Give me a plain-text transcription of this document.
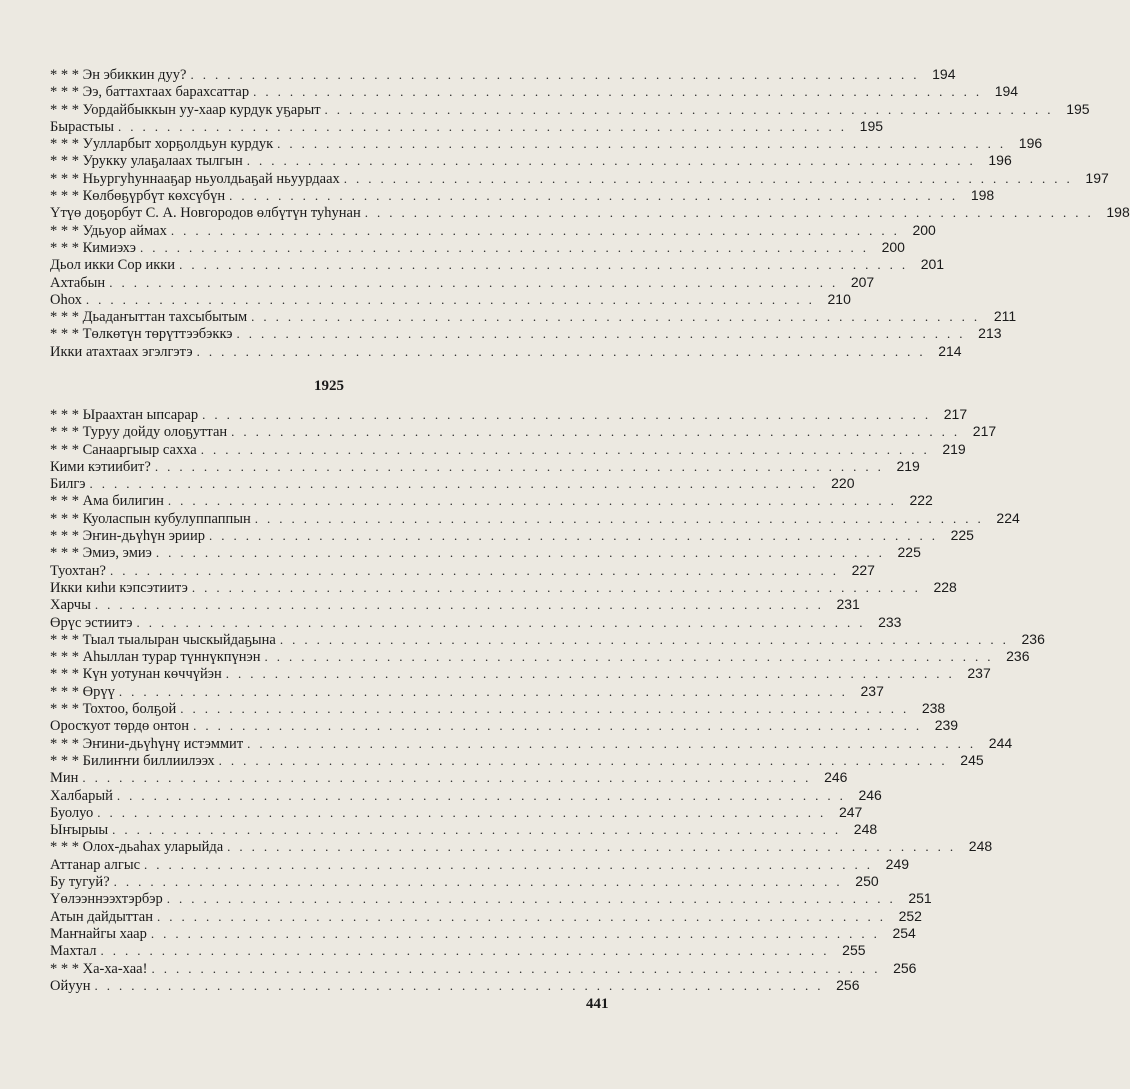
* * * Эн эбиккин дуу? ............................................................ 194
* * * Ээ, баттахтаах барахсаттар ............................................................ 194
* * * Уордайбыккын уу-хаар курдук уҕарыт ............................................................ 195
Бырастыы ............................................................ 195
* * * Уулларбыт хорҕолдьун курдук ............................................................ 196
* * * Урукку улаҕалаах тылгын ............................................................ 196
* * * Ньургуһуннааҕар ньуолдьаҕай ньуурдаах ............................................................ 197
* * * Көлбөҕүрбүт көхсүбүн ............................................................ 198
Үтүө доҕорбут С. А. Новгородов өлбүтүн туһунан ............................................................ 198
* * * Удьуор аймах ............................................................ 200
* * * Кимиэхэ ............................................................ 200
Дьол икки Сор икки ............................................................ 201
Ахтабын ............................................................ 207
Оһох ............................................................ 210
* * * Дьадаҥыттан тахсыбытым ............................................................ 211
* * * Төлкөтүн төрүттээбэккэ ............................................................ 213
Икки атахтаах эгэлгэтэ ............................................................ 214
1925
* * * Ыраахтан ыпсарар ............................................................ 217
* * * Туруу дойду олоҕуттан ............................................................ 217
* * * Санааргыыр сахха ............................................................ 219
Кими кэтиибит? ............................................................ 219
Билгэ ............................................................ 220
* * * Ама билигин ............................................................ 222
* * * Куоласпын кубулуппаппын ............................................................ 224
* * * Эҥин-дьүһүн эриир ............................................................ 225
* * * Эмиэ, эмиэ ............................................................ 225
Туохтан? ............................................................ 227
Икки киһи кэпсэтиитэ ............................................................ 228
Харчы ............................................................ 231
Өрүс эстиитэ ............................................................ 233
* * * Тыал тыалыран чыскыйдаҕына ............................................................ 236
* * * Аһыллан турар түннүкпүнэн ............................................................ 236
* * * Күн уотунан көччүйэн ............................................................ 237
* * * Өрүү ............................................................ 237
* * * Тохтоо, болҕой ............................................................ 238
Оросҡуот төрдө онтон ............................................................ 239
* * * Эҥини-дьүһүнү истэммит ............................................................ 244
* * * Билиҥҥи биллиилээх ............................................................ 245
Мин ............................................................ 246
Халбарый ............................................................ 246
Буолуо ............................................................ 247
Ыҥырыы ............................................................ 248
* * * Олох-дьаһах уларыйда ............................................................ 248
Аттанар алгыс ............................................................ 249
Бу тугуй? ............................................................ 250
Үөлээннээхтэрбэр ............................................................ 251
Атын дайдыттан ............................................................ 252
Маҥнайгы хаар ............................................................ 254
Махтал ............................................................ 255
* * * Ха-ха-хаа! ............................................................ 256
Ойуун ............................................................ 256
441
